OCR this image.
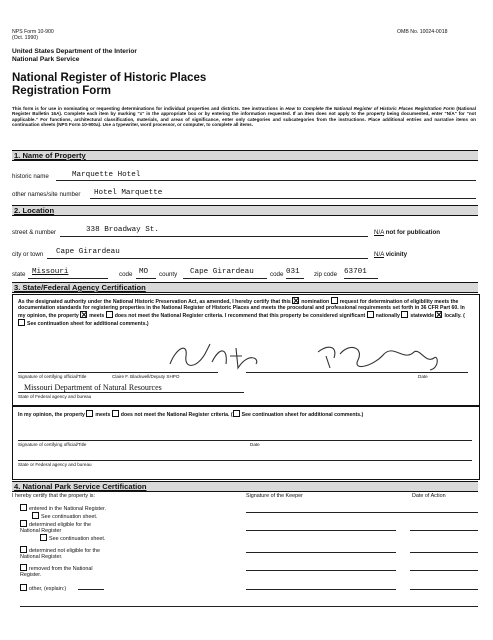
NPS Form 10-900
(Oct. 1990)
OMB No. 10024-0018
United States Department of the Interior
National Park Service
National Register of Historic Places
Registration Form
This form is for use in nominating or requesting determinations for individual properties and districts. See instructions in How to Complete the National Register of Historic Places Registration Form (National Register Bulletin 16A). Complete each item by marking "x" in the appropriate box or by entering the information requested. If an item does not apply to the property being documented, enter "N/A" for "not applicable." For functions, architectural classification, materials, and areas of significance, enter only categories and subcategories from the instructions. Place additional entries and narrative items on continuation sheets (NPS Form 10-900a). Use a typewriter, word processor, or computer, to complete all items.
1. Name of Property
historic name	Marquette Hotel
other names/site number Hotel Marquette
2. Location
street & number	338 Broadway St.	N/A not for publication
city or town Cape Girardeau	N/A vicinity
state Missouri	code MO county Cape Girardeau	code 031 zip code 63701
3. State/Federal Agency Certification
As the designated authority under the National Historic Preservation Act, as amended, I hereby certify that this nomination request for determination of eligibility meets the documentation standards for registering properties in the National Register of Historic Places and meets the procedural and professional requirements set forth in 36 CFR Part 60. In my opinion, the property meets does not meet the National Register criteria. I recommend that this property be considered significant nationally statewide locally. (See continuation sheet for additional comments.)
Signature of certifying official/Title	Claire F. Blackwell/Deputy SHPO	Date
Missouri Department of Natural Resources
State of Federal agency and bureau
In my opinion, the property meets does not meet the National Register criteria. ( See continuation sheet for additional comments.)
Signature of certifying official/Title	Date
State or Federal agency and bureau
4. National Park Service Certification
I hereby certify that the property is:	Signature of the Keeper	Date of Action
entered in the National Register.
See continuation sheet.
determined eligible for the National Register
See continuation sheet.
determined not eligible for the National Register.
removed from the National Register.
other, (explain:)
